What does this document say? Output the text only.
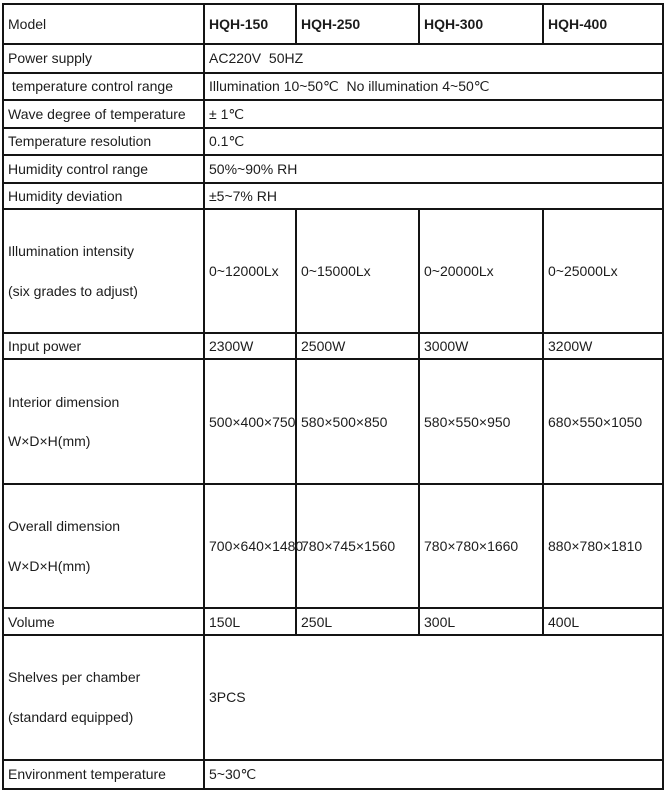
Model	HQH-150	HQH-250	HQH-300	HQH-400
Power supply	AC220V  50HZ			
temperature control range	Illumination 10~50℃  No illumination 4~50℃			
Wave degree of temperature	± 1℃			
Temperature resolution	0.1℃			
Humidity control range	50%~90% RH			
Humidity deviation	±5~7% RH			

Illumination intensity
(six grades to adjust)	0~12000Lx	0~15000Lx	0~20000Lx	0~25000Lx
Input power	2300W	2500W	3000W	3200W

Interior dimension
W×D×H(mm)	500×400×750	580×500×850	580×550×950	680×550×1050

Overall dimension
W×D×H(mm)	700×640×1480	780×745×1560	780×780×1660	880×780×1810
Volume	150L	250L	300L	400L

Shelves per chamber
(standard equipped)	3PCS			
Environment temperature	5~30℃			
